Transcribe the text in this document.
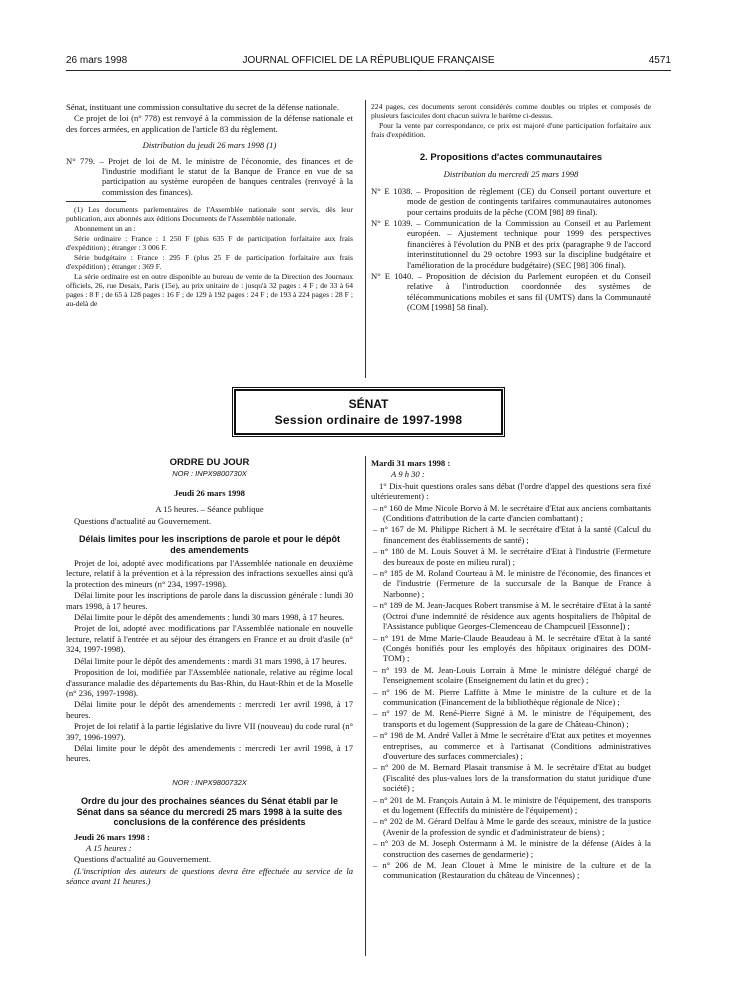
26 mars 1998	JOURNAL OFFICIEL DE LA RÉPUBLIQUE FRANÇAISE	4571

Sénat, instituant une commission consultative du secret de la défense nationale.

Ce projet de loi (n° 778) est renvoyé à la commission de la défense nationale et des forces armées, en application de l'article 83 du règlement.

Distribution du jeudi 26 mars 1998 (1)

N° 779. – Projet de loi de M. le ministre de l'économie, des finances et de l'industrie modifiant le statut de la Banque de France en vue de sa participation au système européen de banques centrales (renvoyé à la commission des finances).

(1) Les documents parlementaires de l'Assemblée nationale sont servis, dès leur publication, aux abonnés aux éditions Documents de l'Assemblée nationale.

Abonnement un an :

Série ordinaire : France : 1 250 F (plus 635 F de participation forfaitaire aux frais d'expédition) ; étranger : 3 006 F.

Série budgétaire : France : 295 F (plus 25 F de participation forfaitaire aux frais d'expédition) ; étranger : 369 F.

La série ordinaire est en outre disponible au bureau de vente de la Direction des Journaux officiels, 26, rue Desaix, Paris (15e), au prix unitaire de : jusqu'à 32 pages : 4 F ; de 33 à 64 pages : 8 F ; de 65 à 128 pages : 16 F ; de 129 à 192 pages : 24 F ; de 193 à 224 pages : 28 F ; au-delà de

224 pages, ces documents seront considérés comme doubles ou triples et composés de plusieurs fascicules dont chacun suivra le barème ci-dessus.

Pour la vente par correspondance, ce prix est majoré d'une participation forfaitaire aux frais d'expédition.

2. Propositions d'actes communautaires

Distribution du mercredi 25 mars 1998

N° E 1038. – Proposition de règlement (CE) du Conseil portant ouverture et mode de gestion de contingents tarifaires communautaires autonomes pour certains produits de la pêche (COM [98] 89 final).

N° E 1039. – Communication de la Commission au Conseil et au Parlement européen. – Ajustement technique pour 1999 des perspectives financières à l'évolution du PNB et des prix (paragraphe 9 de l'accord interinstitutionnel du 29 octobre 1993 sur la discipline budgétaire et l'amélioration de la procédure budgétaire) (SEC [98] 306 final).

N° E 1040. – Proposition de décision du Parlement européen et du Conseil relative à l'introduction coordonnée des systèmes de télécommunications mobiles et sans fil (UMTS) dans la Communauté (COM [1998] 58 final).

SÉNAT
Session ordinaire de 1997-1998

ORDRE DU JOUR

NOR : INPX9800730X

Jeudi 26 mars 1998

A 15 heures. – Séance publique

Questions d'actualité au Gouvernement.

Délais limites pour les inscriptions de parole et pour le dépôt des amendements

Projet de loi, adopté avec modifications par l'Assemblée nationale en deuxième lecture, relatif à la prévention et à la répression des infractions sexuelles ainsi qu'à la protection des mineurs (n° 234, 1997-1998).

Délai limite pour les inscriptions de parole dans la discussion générale : lundi 30 mars 1998, à 17 heures.

Délai limite pour le dépôt des amendements : lundi 30 mars 1998, à 17 heures.

Projet de loi, adopté avec modifications par l'Assemblée nationale en nouvelle lecture, relatif à l'entrée et au séjour des étrangers en France et au droit d'asile (n° 324, 1997-1998).

Délai limite pour le dépôt des amendements : mardi 31 mars 1998, à 17 heures.

Proposition de loi, modifiée par l'Assemblée nationale, relative au régime local d'assurance maladie des départements du Bas-Rhin, du Haut-Rhin et de la Moselle (n° 236, 1997-1998).

Délai limite pour le dépôt des amendements : mercredi 1er avril 1998, à 17 heures.

Projet de loi relatif à la partie législative du livre VII (nouveau) du code rural (n° 397, 1996-1997).

Délai limite pour le dépôt des amendements : mercredi 1er avril 1998, à 17 heures.

NOR : INPX9800732X

Ordre du jour des prochaines séances du Sénat établi par le Sénat dans sa séance du mercredi 25 mars 1998 à la suite des conclusions de la conférence des présidents

Jeudi 26 mars 1998 :

A 15 heures :

Questions d'actualité au Gouvernement.

(L'inscription des auteurs de questions devra être effectuée au service de la séance avant 11 heures.)

Mardi 31 mars 1998 :

A 9 h 30 :

1° Dix-huit questions orales sans débat (l'ordre d'appel des questions sera fixé ultérieurement) :

– n° 160 de Mme Nicole Borvo à M. le secrétaire d'Etat aux anciens combattants (Conditions d'attribution de la carte d'ancien combattant) ;

– n° 167 de M. Philippe Richert à M. le secrétaire d'Etat à la santé (Calcul du financement des établissements de santé) ;

– n° 180 de M. Louis Souvet à M. le secrétaire d'Etat à l'industrie (Fermeture des bureaux de poste en milieu rural) ;

– n° 185 de M. Roland Courteau à M. le ministre de l'économie, des finances et de l'industrie (Fermeture de la succursale de la Banque de France à Narbonne) ;

– n° 189 de M. Jean-Jacques Robert transmise à M. le secrétaire d'Etat à la santé (Octroi d'une indemnité de résidence aux agents hospitaliers de l'hôpital de l'Assistance publique Georges-Clemenceau de Champcueil [Essonne]) ;

– n° 191 de Mme Marie-Claude Beaudeau à M. le secrétaire d'Etat à la santé (Congés bonifiés pour les employés des hôpitaux originaires des DOM-TOM) ;

– n° 193 de M. Jean-Louis Lorrain à Mme le ministre délégué chargé de l'enseignement scolaire (Enseignement du latin et du grec) ;

– n° 196 de M. Pierre Laffitte à Mme le ministre de la culture et de la communication (Financement de la bibliothèque régionale de Nice) ;

– n° 197 de M. René-Pierre Signé à M. le ministre de l'équipement, des transports et du logement (Suppression de la gare de Château-Chinon) ;

– n° 198 de M. André Vallet à Mme le secrétaire d'Etat aux petites et moyennes entreprises, au commerce et à l'artisanat (Conditions administratives d'ouverture des surfaces commerciales) ;

– n° 200 de M. Bernard Plasait transmise à M. le secrétaire d'Etat au budget (Fiscalité des plus-values lors de la transformation du statut juridique d'une société) ;

– n° 201 de M. François Autain à M. le ministre de l'équipement, des transports et du logement (Effectifs du ministère de l'équipement) ;

– n° 202 de M. Gérard Delfau à Mme le garde des sceaux, ministre de la justice (Avenir de la profession de syndic et d'administrateur de biens) ;

– n° 203 de M. Joseph Ostermann à M. le ministre de la défense (Aides à la construction des casernes de gendarmerie) ;

– n° 206 de M. Jean Clouet à Mme le ministre de la culture et de la communication (Restauration du château de Vincennes) ;
